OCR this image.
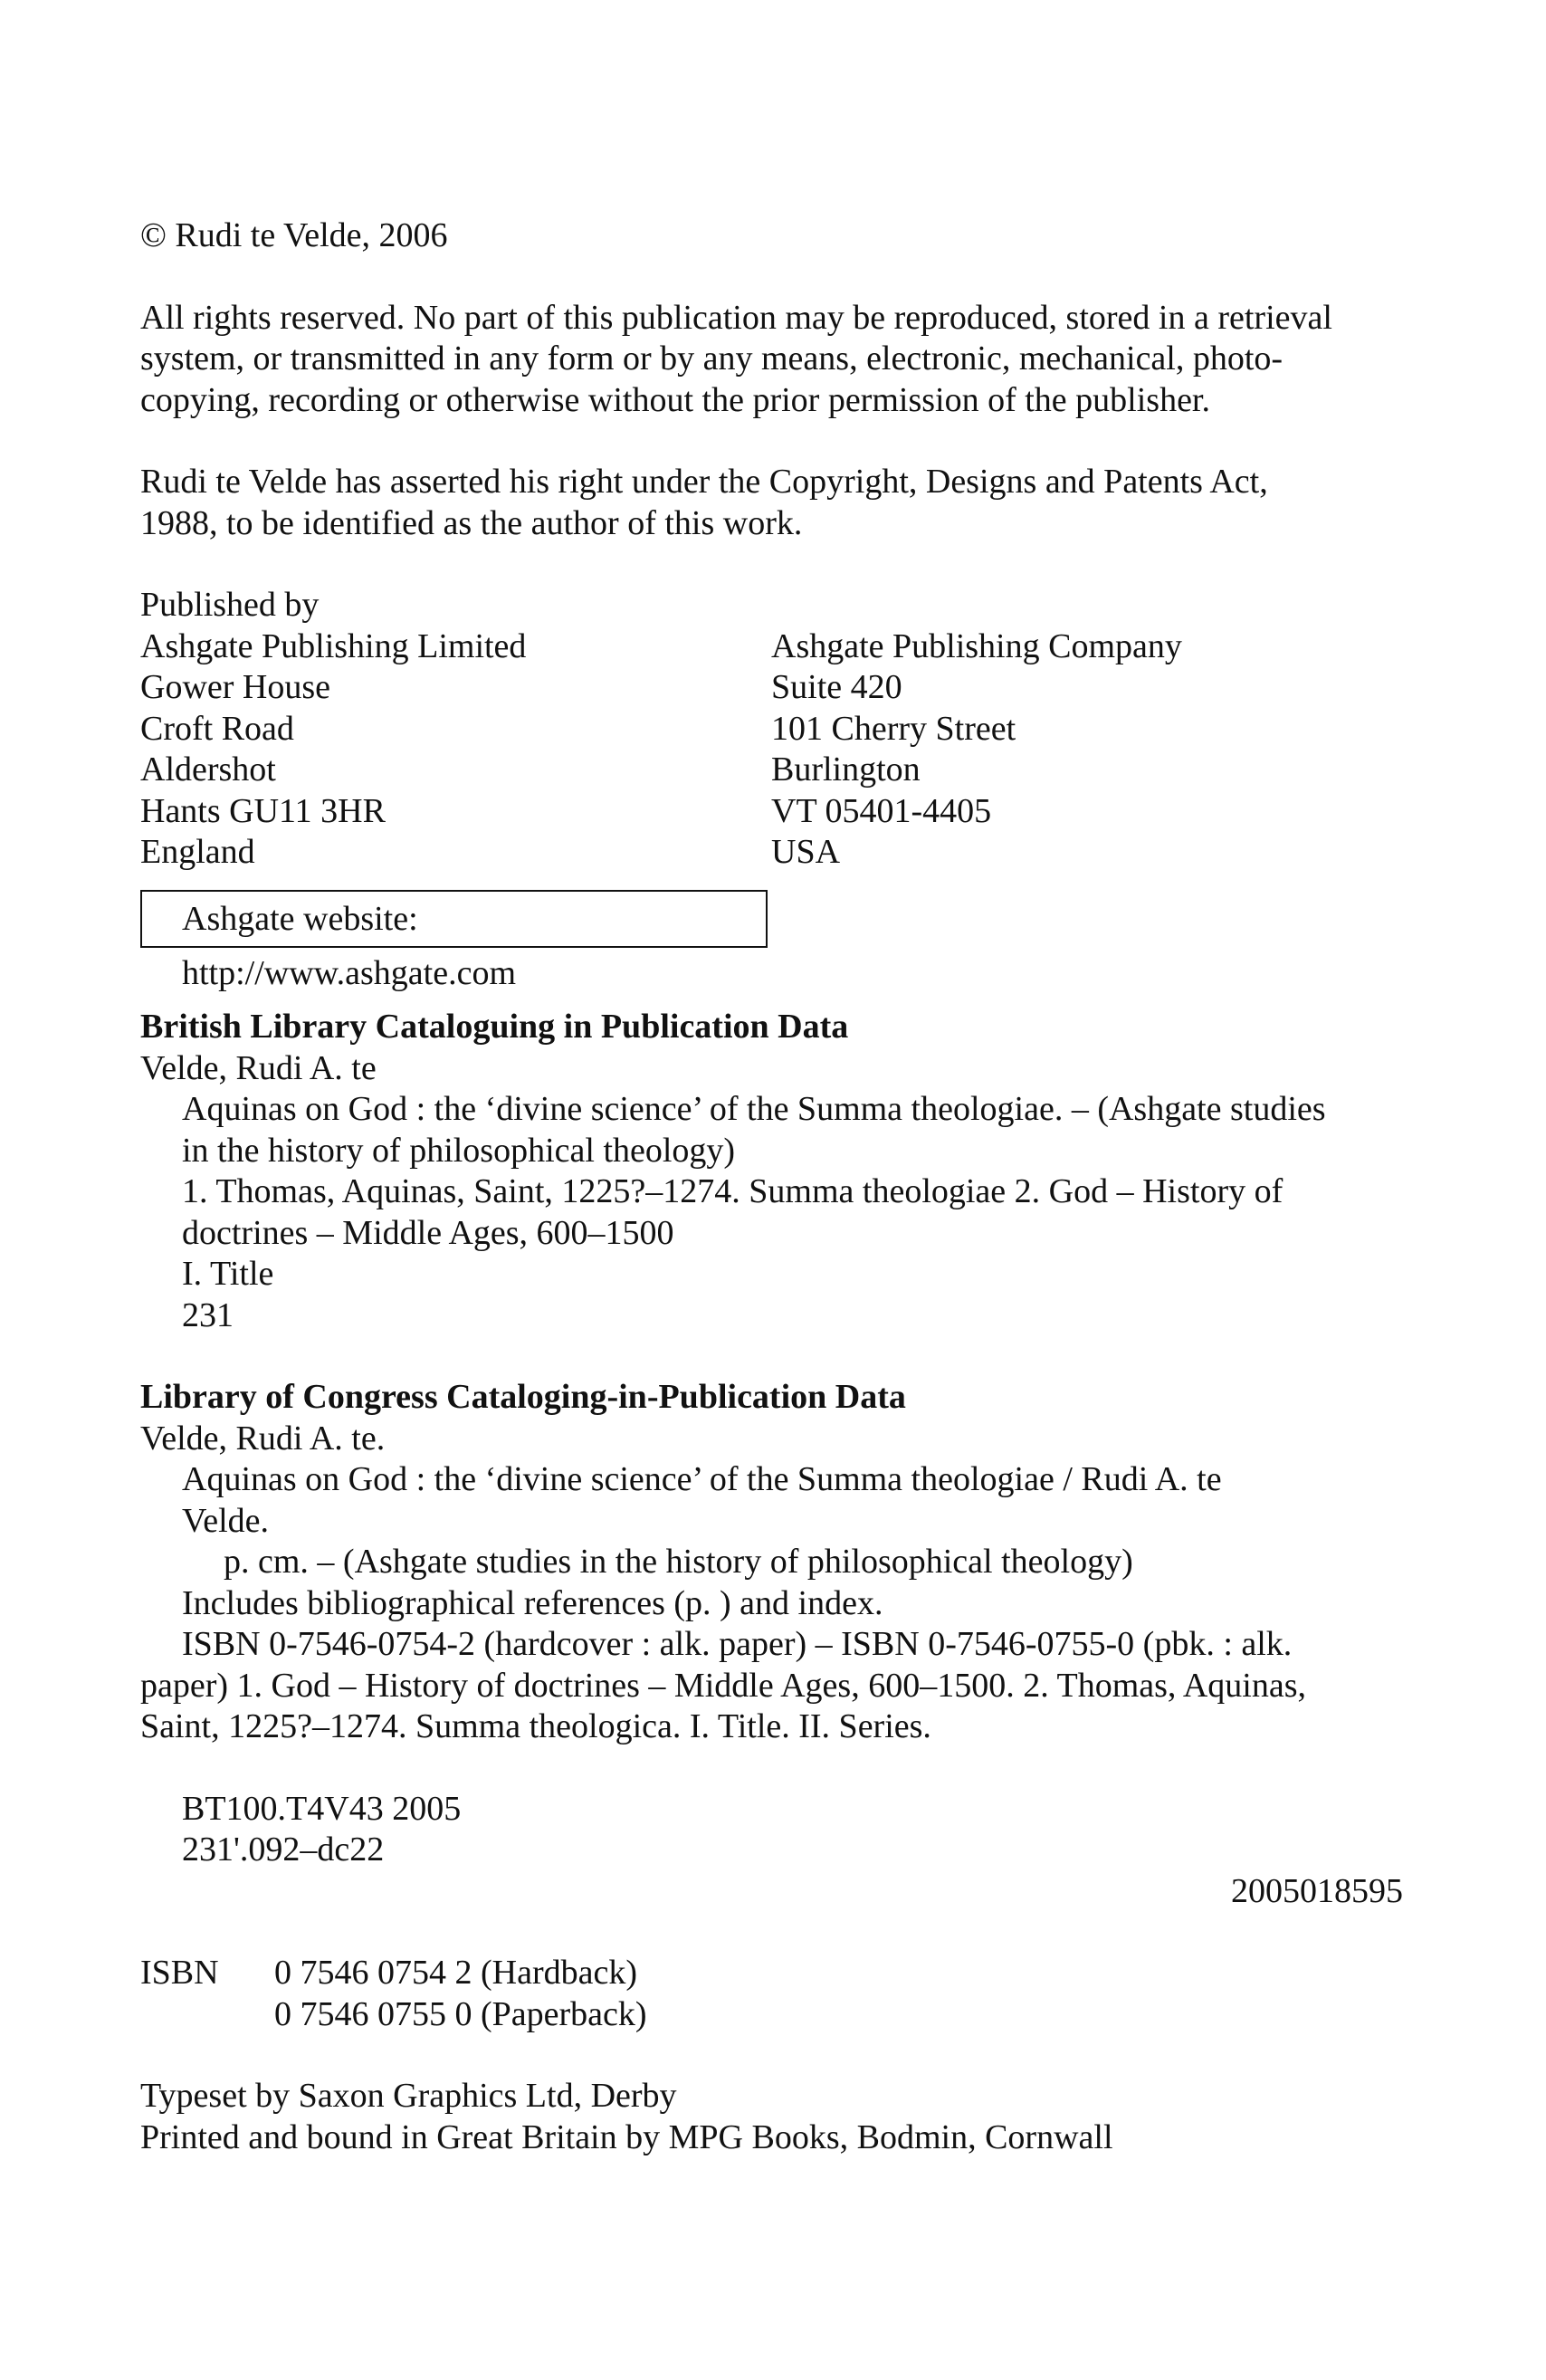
© Rudi te Velde, 2006

All rights reserved. No part of this publication may be reproduced, stored in a retrieval

system, or transmitted in any form or by any means, electronic, mechanical, photo-

copying, recording or otherwise without the prior permission of the publisher.

Rudi te Velde has asserted his right under the Copyright, Designs and Patents Act,

1988, to be identified as the author of this work.

Published by

Ashgate Publishing Limited

Gower House

Croft Road

Aldershot

Hants GU11 3HR

England

Ashgate Publishing Company

Suite 420

101 Cherry Street

Burlington

VT 05401-4405

USA

Ashgate website: http://www.ashgate.com

British Library Cataloguing in Publication Data

Velde, Rudi A. te

Aquinas on God : the ‘divine science’ of the Summa theologiae. – (Ashgate studies

in the history of philosophical theology)

1. Thomas, Aquinas, Saint, 1225?–1274. Summa theologiae 2. God – History of

doctrines – Middle Ages, 600–1500

I. Title

231

Library of Congress Cataloging-in-Publication Data

Velde, Rudi A. te.

Aquinas on God : the ‘divine science’ of the Summa theologiae / Rudi A. te

Velde.

p. cm. – (Ashgate studies in the history of philosophical theology)

Includes bibliographical references (p. ) and index.

ISBN 0-7546-0754-2 (hardcover : alk. paper) – ISBN 0-7546-0755-0 (pbk. : alk.

paper) 1. God – History of doctrines – Middle Ages, 600–1500. 2. Thomas, Aquinas,

Saint, 1225?–1274. Summa theologica. I. Title. II. Series.

BT100.T4V43 2005

231'.092–dc22

2005018595

ISBN	0 7546 0754 2 (Hardback)

0 7546 0755 0 (Paperback)

Typeset by Saxon Graphics Ltd, Derby

Printed and bound in Great Britain by MPG Books, Bodmin, Cornwall
